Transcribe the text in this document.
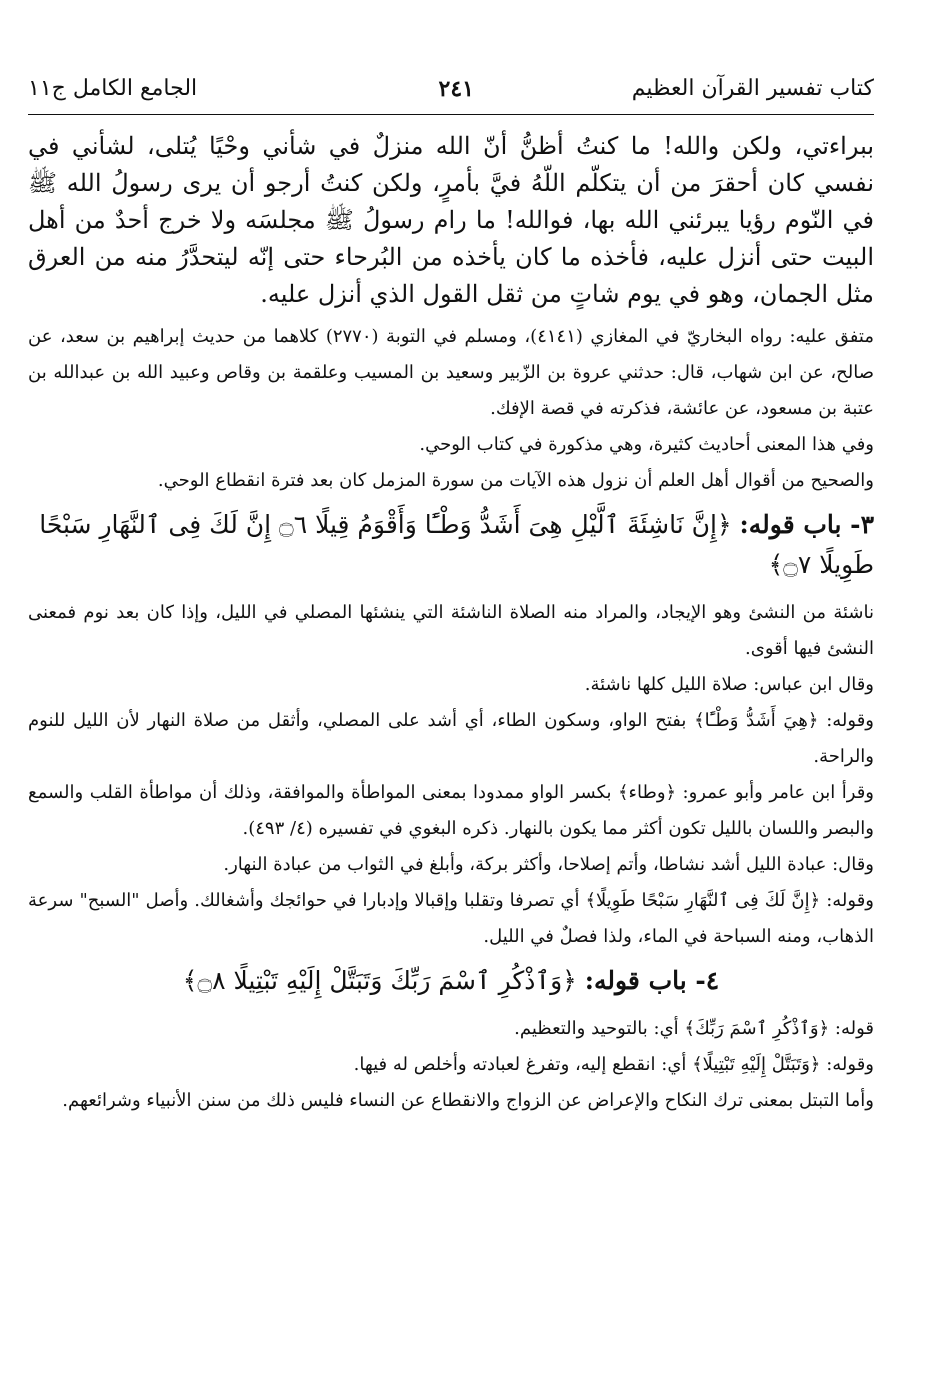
كتاب تفسير القرآن العظيم
٢٤١
الجامع الكامل ج١١

ببراءتي، ولكن والله! ما كنتُ أظنُّ أنّ الله منزلٌ في شأني وحْيًا يُتلى، لشأني في نفسي كان أحقرَ من أن يتكلّم اللّهُ فيَّ بأمرٍ، ولكن كنتُ أرجو أن يرى رسولُ الله ﷺ في النّوم رؤيا يبرئني الله بها، فوالله! ما رام رسولُ ﷺ مجلسَه ولا خرج أحدٌ من أهل البيت حتى أنزل عليه، فأخذه ما كان يأخذه من البُرحاء حتى إنّه ليتحدَّرُ منه من العرق مثل الجمان، وهو في يوم شاتٍ من ثقل القول الذي أنزل عليه.

متفق عليه: رواه البخاريّ في المغازي (٤١٤١)، ومسلم في التوبة (٢٧٧٠) كلاهما من حديث إبراهيم بن سعد، عن صالح، عن ابن شهاب، قال: حدثني عروة بن الزّبير وسعيد بن المسيب وعلقمة بن وقاص وعبيد الله بن عبدالله بن عتبة بن مسعود، عن عائشة، فذكرته في قصة الإفك.

وفي هذا المعنى أحاديث كثيرة، وهي مذكورة في كتاب الوحي.

والصحيح من أقوال أهل العلم أن نزول هذه الآيات من سورة المزمل كان بعد فترة انقطاع الوحي.

٣- باب قوله: ﴿إِنَّ نَاشِئَةَ ٱلَّيْلِ هِىَ أَشَدُّ وَطْـًٔا وَأَقْوَمُ قِيلًا ۝٦ إِنَّ لَكَ فِى ٱلنَّهَارِ سَبْحًا طَوِيلًا ۝٧﴾

ناشئة من النشئ وهو الإيجاد، والمراد منه الصلاة الناشئة التي ينشئها المصلي في الليل، وإذا كان بعد نوم فمعنى النشئ فيها أقوى.

وقال ابن عباس: صلاة الليل كلها ناشئة.

وقوله: ﴿هِيَ أَشَدُّ وَطْـًٔا﴾ بفتح الواو، وسكون الطاء، أي أشد على المصلي، وأثقل من صلاة النهار لأن الليل للنوم والراحة.

وقرأ ابن عامر وأبو عمرو: ﴿وطاء﴾ بكسر الواو ممدودا بمعنى المواطأة والموافقة، وذلك أن مواطأة القلب والسمع والبصر واللسان بالليل تكون أكثر مما يكون بالنهار. ذكره البغوي في تفسيره (٤/ ٤٩٣).

وقال: عبادة الليل أشد نشاطا، وأتم إصلاحا، وأكثر بركة، وأبلغ في الثواب من عبادة النهار.

وقوله: ﴿إِنَّ لَكَ فِى ٱلنَّهَارِ سَبْحًا طَوِيلًا﴾ أي تصرفا وتقلبا وإقبالا وإدبارا في حوائجك وأشغالك. وأصل "السبح" سرعة الذهاب، ومنه السباحة في الماء، ولذا فصلٌ في الليل.

٤- باب قوله: ﴿وَٱذْكُرِ ٱسْمَ رَبِّكَ وَتَبَتَّلْ إِلَيْهِ تَبْتِيلًا ۝٨﴾

قوله: ﴿وَٱذْكُرِ ٱسْمَ رَبِّكَ﴾ أي: بالتوحيد والتعظيم.

وقوله: ﴿وَتَبَتَّلْ إِلَيْهِ تَبْتِيلًا﴾ أي: انقطع إليه، وتفرغ لعبادته وأخلص له فيها.

وأما التبتل بمعنى ترك النكاح والإعراض عن الزواج والانقطاع عن النساء فليس ذلك من سنن الأنبياء وشرائعهم.
